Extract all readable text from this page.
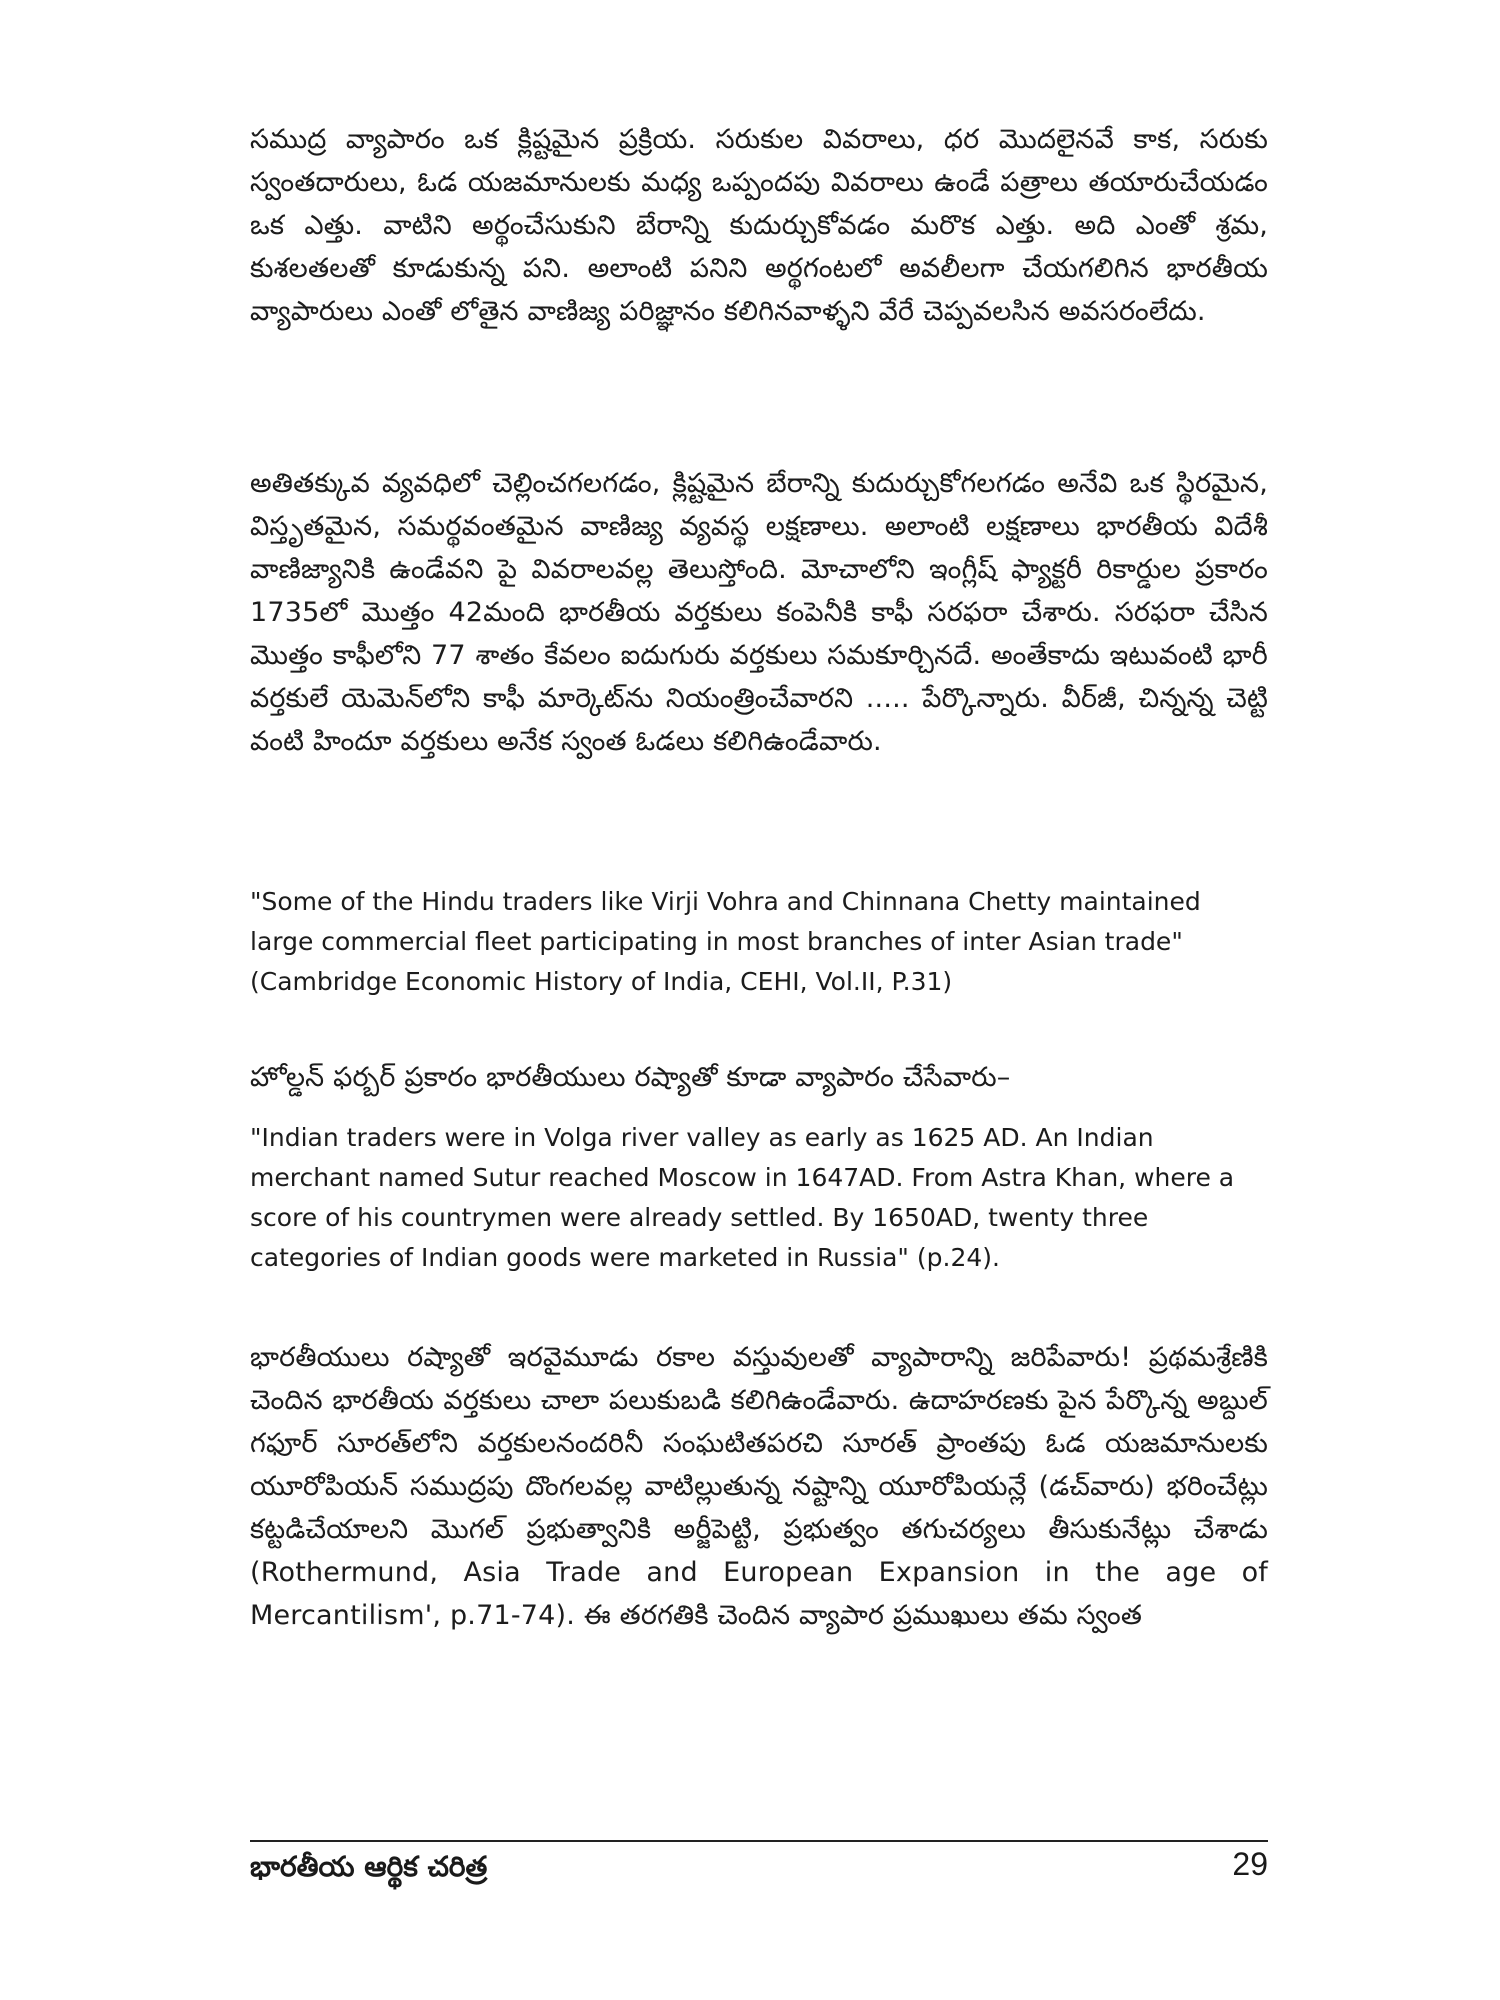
సముద్ర వ్యాపారం ఒక క్లిష్టమైన ప్రక్రియ. సరుకుల వివరాలు, ధర మొదలైనవే కాక, సరుకు స్వంతదారులు, ఓడ యజమానులకు మధ్య ఒప్పందపు వివరాలు ఉండే పత్రాలు తయారుచేయడం ఒక ఎత్తు. వాటిని అర్థంచేసుకుని బేరాన్ని కుదుర్చుకోవడం మరొక ఎత్తు. అది ఎంతో శ్రమ, కుశలతలతో కూడుకున్న పని. అలాంటి పనిని అర్థగంటలో అవలీలగా చేయగలిగిన భారతీయ వ్యాపారులు ఎంతో లోతైన వాణిజ్య పరిజ్ఞానం కలిగినవాళ్ళని వేరే చెప్పవలసిన అవసరంలేదు.

అతితక్కువ వ్యవధిలో చెల్లించగలగడం, క్లిష్టమైన బేరాన్ని కుదుర్చుకోగలగడం అనేవి ఒక స్థిరమైన, విస్తృతమైన, సమర్థవంతమైన వాణిజ్య వ్యవస్థ లక్షణాలు. అలాంటి లక్షణాలు భారతీయ విదేశీ వాణిజ్యానికి ఉండేవని పై వివరాలవల్ల తెలుస్తోంది. మోచాలోని ఇంగ్లీష్ ఫ్యాక్టరీ రికార్డుల ప్రకారం 1735లో మొత్తం 42మంది భారతీయ వర్తకులు కంపెనీకి కాఫీ సరఫరా చేశారు. సరఫరా చేసిన మొత్తం కాఫీలోని 77 శాతం కేవలం ఐదుగురు వర్తకులు సమకూర్చినదే. అంతేకాదు ఇటువంటి భారీ వర్తకులే యెమెన్‌లోని కాఫీ మార్కెట్‌ను నియంత్రించేవారని ..... పేర్కొన్నారు. వీర్‌జీ, చిన్నన్న చెట్టి వంటి హిందూ వర్తకులు అనేక స్వంత ఓడలు కలిగిఉండేవారు.

"Some of the Hindu traders like Virji Vohra and Chinnana Chetty maintained large commercial fleet participating in most branches of inter Asian trade" (Cambridge Economic History of India, CEHI, Vol.II, P.31)

హోల్డన్ ఫర్బర్ ప్రకారం భారతీయులు రష్యాతో కూడా వ్యాపారం చేసేవారు–

"Indian traders were in Volga river valley as early as 1625 AD. An Indian merchant named Sutur reached Moscow in 1647AD. From Astra Khan, where a score of his countrymen were already settled. By 1650AD, twenty three categories of Indian goods were marketed in Russia" (p.24).

భారతీయులు రష్యాతో ఇరవైమూడు రకాల వస్తువులతో వ్యాపారాన్ని జరిపేవారు! ప్రథమశ్రేణికి చెందిన భారతీయ వర్తకులు చాలా పలుకుబడి కలిగిఉండేవారు. ఉదాహరణకు పైన పేర్కొన్న అబ్దుల్ గఫూర్ సూరత్‌లోని వర్తకులనందరినీ సంఘటితపరచి సూరత్ ప్రాంతపు ఓడ యజమానులకు యూరోపియన్ సముద్రపు దొంగలవల్ల వాటిల్లుతున్న నష్టాన్ని యూరోపియన్లే (డచ్‌వారు) భరించేట్లు కట్టడిచేయాలని మొగల్ ప్రభుత్వానికి అర్జీపెట్టి, ప్రభుత్వం తగుచర్యలు తీసుకునేట్లు చేశాడు (Rothermund, Asia Trade and European Expansion in the age of Mercantilism', p.71-74). ఈ తరగతికి చెందిన వ్యాపార ప్రముఖులు తమ స్వంత

భారతీయ ఆర్థిక చరిత్ర	29
